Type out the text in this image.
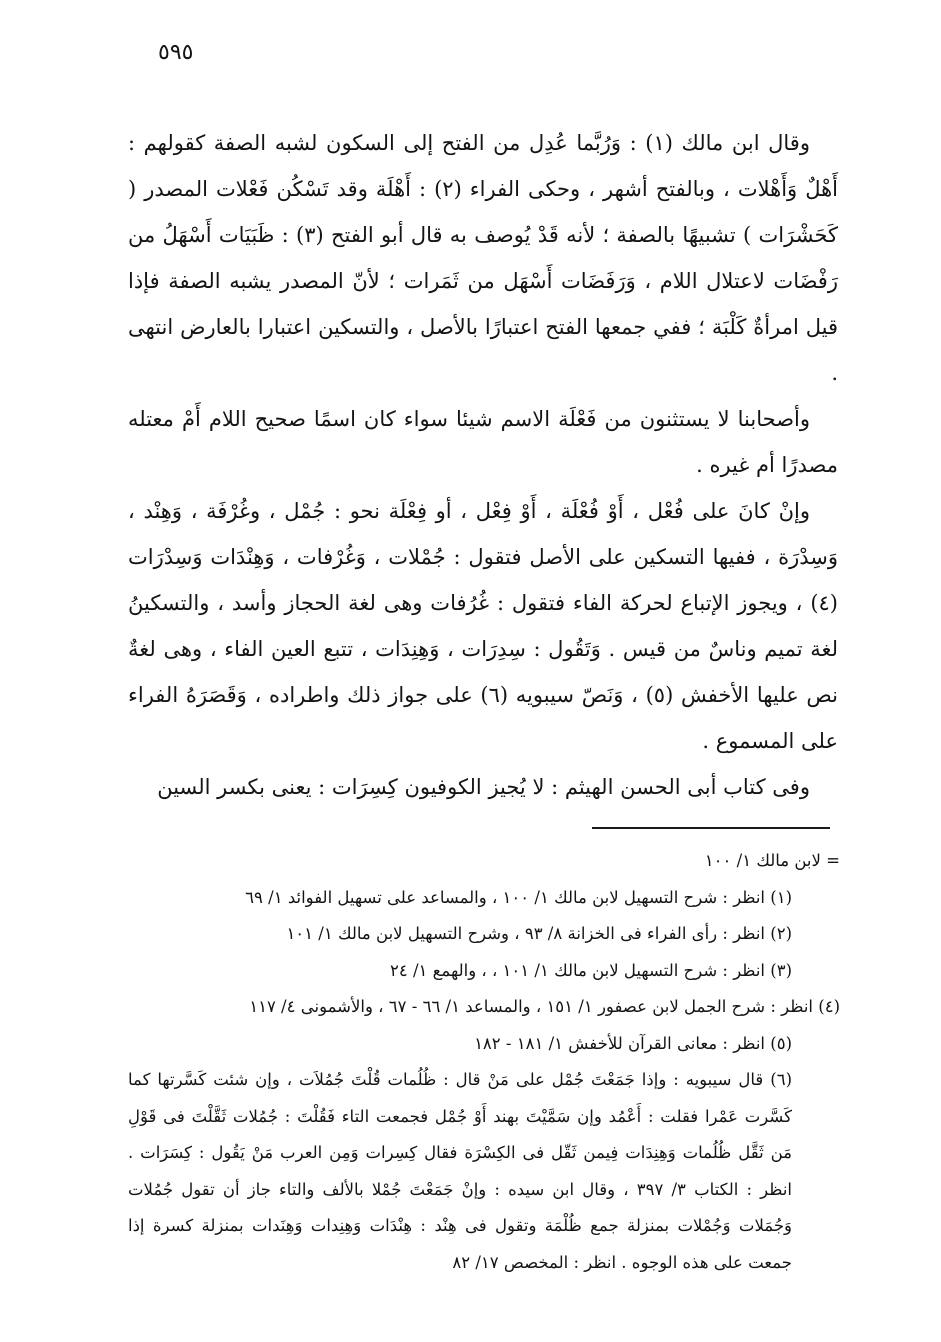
٥٩٥

وقال ابن مالك (١) : وَرُبَّما عُدِل من الفتح إلى السكون لشبه الصفة كقولهم : أَهْلٌ وَأَهْلات ، وبالفتح أشهر ، وحكى الفراء (٢) : أَهْلَة وقد تَسْكُن فَعْلات المصدر ( كَحَشْرَات ) تشبيهًا بالصفة ؛ لأنه قَدْ يُوصف به قال أبو الفتح (٣) : ظَبَيَات أَسْهَلُ من رَفْضَات لاعتلال اللام ، وَرَفَضَات أَسْهَل من ثَمَرات ؛ لأنّ المصدر يشبه الصفة فإذا قيل امرأةٌ كَلْبَة ؛ ففي جمعها الفتح اعتبارًا بالأصل ، والتسكين اعتبارا بالعارض انتهى .

وأصحابنا لا يستثنون من فَعْلَة الاسم شيئا سواء كان اسمًا صحيح اللام أَمْ معتله مصدرًا أم غيره .

وإنْ كانَ على فُعْل ، أَوْ فُعْلَة ، أَوْ فِعْل ، أو فِعْلَة نحو : جُمْل ، وغُرْفَة ، وَهِنْد ، وَسِدْرَة ، ففيها التسكين على الأصل فتقول : جُمْلات ، وَغُرْفات ، وَهِنْدَات وَسِدْرَات (٤) ، ويجوز الإتباع لحركة الفاء فتقول : غُرُفات وهى لغة الحجاز وأسد ، والتسكينُ لغة تميم وناسٌ من قيس . وَتَقُول : سِدِرَات ، وَهِنِدَات ، تتبع العين الفاء ، وهى لغةٌ نص عليها الأخفش (٥) ، وَنَصّ سيبويه (٦) على جواز ذلك واطراده ، وَقَصَرَهُ الفراء على المسموع .

وفى كتاب أبى الحسن الهيثم : لا يُجيز الكوفيون كِسِرَات : يعنى بكسر السين

= لابن مالك ١/ ١٠٠

(١) انظر : شرح التسهيل لابن مالك ١/ ١٠٠ ، والمساعد على تسهيل الفوائد ١/ ٦٩

(٢) انظر : رأى الفراء فى الخزانة ٨/ ٩٣ ، وشرح التسهيل لابن مالك ١/ ١٠١

(٣) انظر : شرح التسهيل لابن مالك ١/ ١٠١ ، ، والهمع ١/ ٢٤

(٤) انظر : شرح الجمل لابن عصفور ١/ ١٥١ ، والمساعد ١/ ٦٦ - ٦٧ ، والأشمونى ٤/ ١١٧

(٥) انظر : معانى القرآن للأخفش ١/ ١٨١ - ١٨٢

(٦) قال سيبويه : وإذا جَمَعْتَ جُمْل على مَنْ قال : ظُلُمات قُلْتَ جُمُلاَت ، وإن شئت كَسَّرتها كما كَسَّرت عَمْرا فقلت : أَعْمُد وإن سَمَّيْتَ بهند أَوْ جُمْل فجمعت التاء فَقُلْتَ : جُمُلات ثَقَّلْتَ فى قَوْلِ مَن ثَقَّل ظُلُمات وَهِنِدَات فِيمن ثَقّل فى الكِسْرَة فقال كِسِرات وَمِن العرب مَنْ يَقُول : كِسَرَات . انظر : الكتاب ٣/ ٣٩٧ ، وقال ابن سيده : وإنْ جَمَعْتَ جُمْلا بالألف والتاء جاز أن تقول جُمُلات وَجُمَلات وَجُمْلات بمنزلة جمع ظُلْمَة وتقول فى هِنْد : هِنْدَات وَهِنِدات وَهِنَدات بمنزلة كسرة إذا جمعت على هذه الوجوه . انظر : المخصص ١٧/ ٨٢
